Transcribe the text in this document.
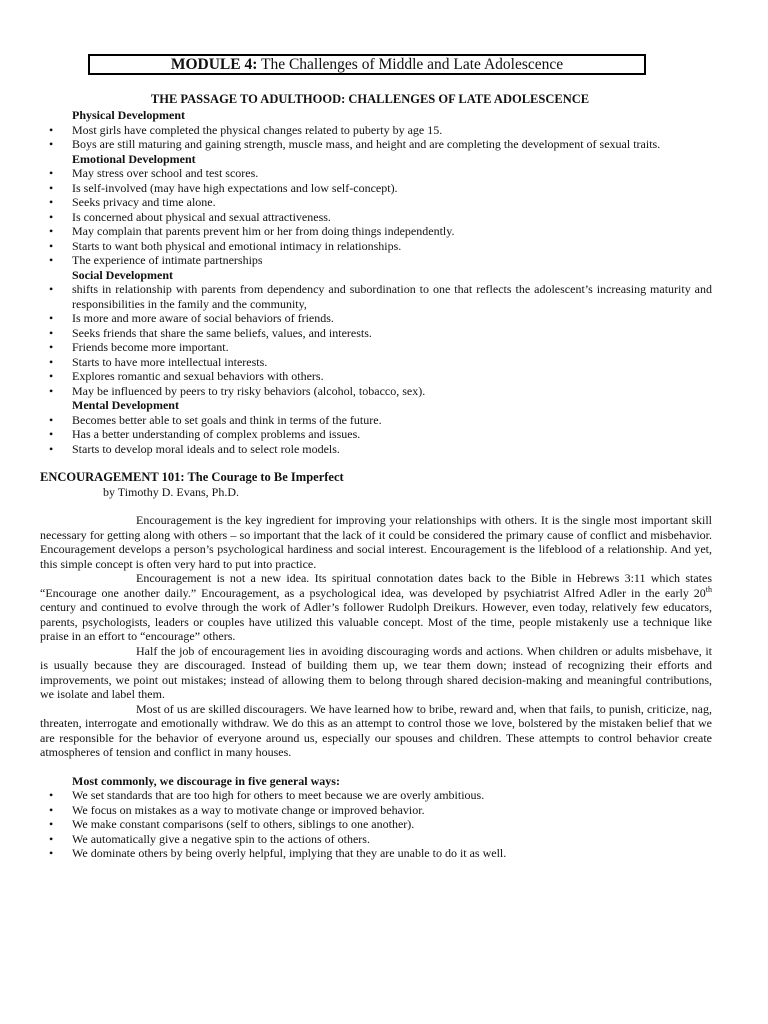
MODULE 4: The Challenges of Middle and Late Adolescence
THE PASSAGE TO ADULTHOOD: CHALLENGES OF LATE ADOLESCENCE
Physical Development
• Most girls have completed the physical changes related to puberty by age 15.
• Boys are still maturing and gaining strength, muscle mass, and height and are completing the development of sexual traits.
Emotional Development
• May stress over school and test scores.
• Is self-involved (may have high expectations and low self-concept).
• Seeks privacy and time alone.
• Is concerned about physical and sexual attractiveness.
• May complain that parents prevent him or her from doing things independently.
• Starts to want both physical and emotional intimacy in relationships.
• The experience of intimate partnerships
Social Development
• shifts in relationship with parents from dependency and subordination to one that reflects the adolescent’s increasing maturity and responsibilities in the family and the community,
• Is more and more aware of social behaviors of friends.
• Seeks friends that share the same beliefs, values, and interests.
• Friends become more important.
• Starts to have more intellectual interests.
• Explores romantic and sexual behaviors with others.
• May be influenced by peers to try risky behaviors (alcohol, tobacco, sex).
Mental Development
• Becomes better able to set goals and think in terms of the future.
• Has a better understanding of complex problems and issues.
• Starts to develop moral ideals and to select role models.
ENCOURAGEMENT 101: The Courage to Be Imperfect
by Timothy D. Evans, Ph.D.

Encouragement is the key ingredient for improving your relationships with others. It is the single most important skill necessary for getting along with others – so important that the lack of it could be considered the primary cause of conflict and misbehavior. Encouragement develops a person’s psychological hardiness and social interest. Encouragement is the lifeblood of a relationship. And yet, this simple concept is often very hard to put into practice.

Encouragement is not a new idea. Its spiritual connotation dates back to the Bible in Hebrews 3:11 which states “Encourage one another daily.” Encouragement, as a psychological idea, was developed by psychiatrist Alfred Adler in the early 20th century and continued to evolve through the work of Adler’s follower Rudolph Dreikurs. However, even today, relatively few educators, parents, psychologists, leaders or couples have utilized this valuable concept. Most of the time, people mistakenly use a technique like praise in an effort to “encourage” others.

Half the job of encouragement lies in avoiding discouraging words and actions. When children or adults misbehave, it is usually because they are discouraged. Instead of building them up, we tear them down; instead of recognizing their efforts and improvements, we point out mistakes; instead of allowing them to belong through shared decision-making and meaningful contributions, we isolate and label them.

Most of us are skilled discouragers. We have learned how to bribe, reward and, when that fails, to punish, criticize, nag, threaten, interrogate and emotionally withdraw. We do this as an attempt to control those we love, bolstered by the mistaken belief that we are responsible for the behavior of everyone around us, especially our spouses and children. These attempts to control behavior create atmospheres of tension and conflict in many houses.

Most commonly, we discourage in five general ways:
• We set standards that are too high for others to meet because we are overly ambitious.
• We focus on mistakes as a way to motivate change or improved behavior.
• We make constant comparisons (self to others, siblings to one another).
• We automatically give a negative spin to the actions of others.
• We dominate others by being overly helpful, implying that they are unable to do it as well.
